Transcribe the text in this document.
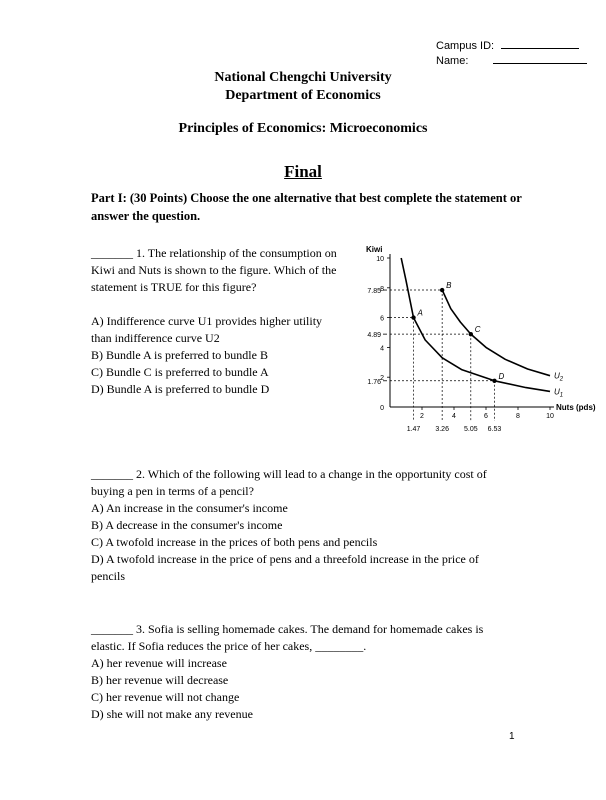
Campus ID:
Name:
National Chengchi University
Department of Economics
Principles of Economics: Microeconomics
Final
Part I: (30 Points) Choose the one alternative that best complete the statement or answer the question.
_______ 1. The relationship of the consumption on
Kiwi and Nuts is shown to the figure. Which of the
statement is TRUE for this figure?
A) Indifference curve U1 provides higher utility
than indifference curve U2
B) Bundle A is preferred to bundle B
C) Bundle C is preferred to bundle A
D) Bundle A is preferred to bundle D
Kiwi
Nuts (pds)
0
2
4
6
8
10
2	4	6	8	10
7.85
4.89
1.76
1.47 3.26 5.05 6.53
$U_2$
$U_1$
A
B
C
D
_______ 2. Which of the following will lead to a change in the opportunity cost of
buying a pen in terms of a pencil?
A) An increase in the consumer's income
B) A decrease in the consumer's income
C) A twofold increase in the prices of both pens and pencils
D) A twofold increase in the price of pens and a threefold increase in the price of
pencils
_______ 3. Sofia is selling homemade cakes. The demand for homemade cakes is
elastic. If Sofia reduces the price of her cakes, ________.
A) her revenue will increase
B) her revenue will decrease
C) her revenue will not change
D) she will not make any revenue
1
